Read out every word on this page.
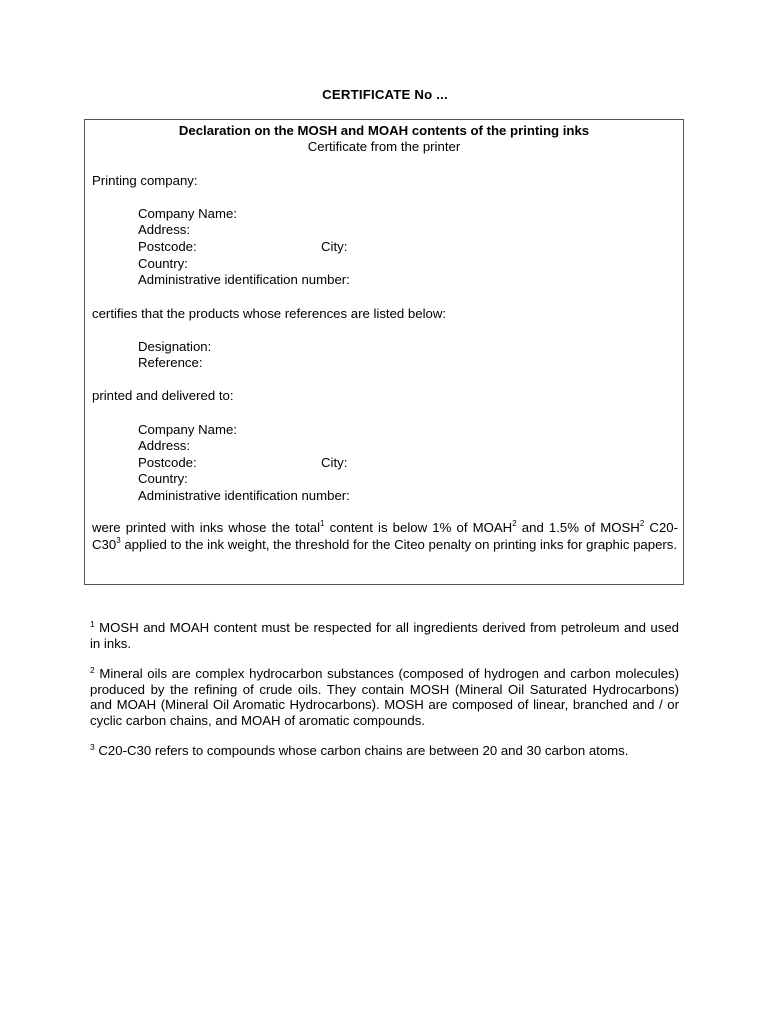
CERTIFICATE No ...
Declaration on the MOSH and MOAH contents of the printing inks
Certificate from the printer
Printing company:
Company Name:
Address:
Postcode:	City:
Country:
Administrative identification number:
certifies that the products whose references are listed below:
Designation:
Reference:
printed and delivered to:
Company Name:
Address:
Postcode:	City:
Country:
Administrative identification number:
were printed with inks whose the total$^1$ content is below 1% of MOAH$^2$ and 1.5% of MOSH$^2$ $C20-C30^3$ applied to the ink weight, the threshold for the Citeo penalty on printing inks for graphic papers.
$^1$ MOSH and MOAH content must be respected for all ingredients derived from petroleum and used in inks.
$^2$ Mineral oils are complex hydrocarbon substances (composed of hydrogen and carbon molecules) produced by the refining of crude oils. They contain MOSH (Mineral Oil Saturated Hydrocarbons) and MOAH (Mineral Oil Aromatic Hydrocarbons). MOSH are composed of linear, branched and / or cyclic carbon chains, and MOAH of aromatic compounds.
$^3$ C20-C30 refers to compounds whose carbon chains are between 20 and 30 carbon atoms.
